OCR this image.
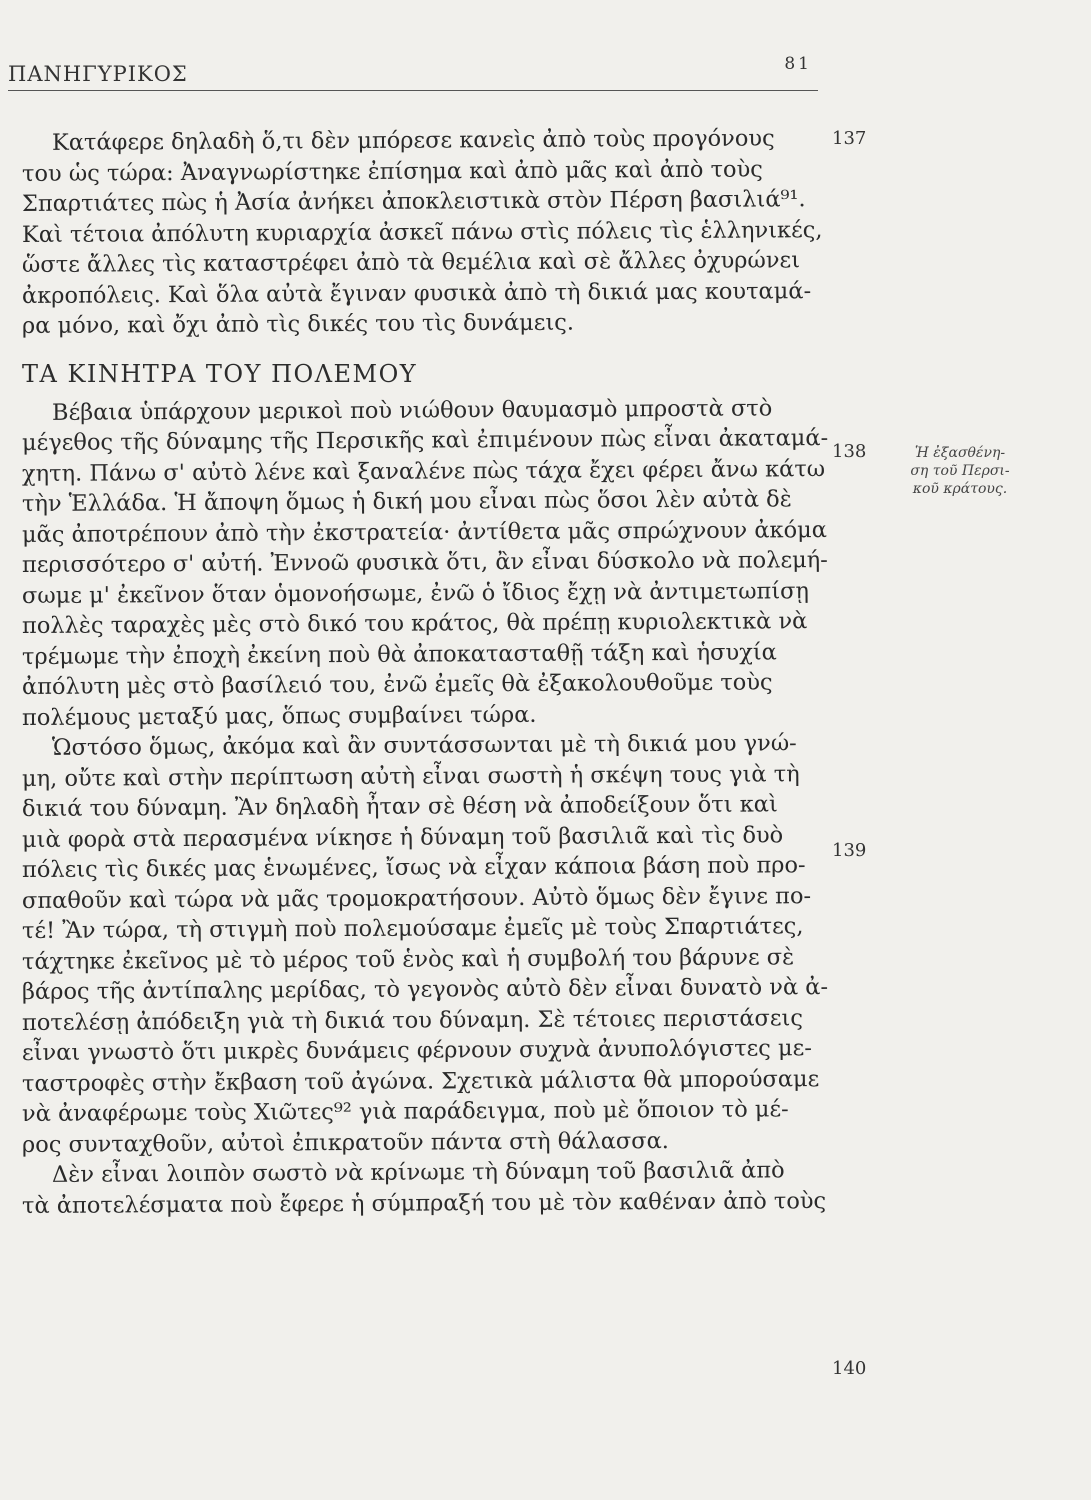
ΠΑΝΗΓΥΡΙΚΟΣ	81
Κατάφερε δηλαδὴ ὅ,τι δὲν μπόρεσε κανεὶς ἀπὸ τοὺς προγόνους
του ὡς τώρα: Ἀναγνωρίστηκε ἐπίσημα καὶ ἀπὸ μᾶς καὶ ἀπὸ τοὺς
Σπαρτιάτες πὼς ἡ Ἀσία ἀνήκει ἀποκλειστικὰ στὸν Πέρση βασιλιά⁹¹.
Καὶ τέτοια ἀπόλυτη κυριαρχία ἀσκεῖ πάνω στὶς πόλεις τὶς ἑλληνικές,
ὥστε ἄλλες τὶς καταστρέφει ἀπὸ τὰ θεμέλια καὶ σὲ ἄλλες ὀχυρώνει
ἀκροπόλεις. Καὶ ὅλα αὐτὰ ἔγιναν φυσικὰ ἀπὸ τὴ δικιά μας κουταμά-
ρα μόνο, καὶ ὄχι ἀπὸ τὶς δικές του τὶς δυνάμεις.
ΤΑ ΚΙΝΗΤΡΑ ΤΟΥ ΠΟΛΕΜΟΥ
Βέβαια ὑπάρχουν μερικοὶ ποὺ νιώθουν θαυμασμὸ μπροστὰ στὸ
μέγεθος τῆς δύναμης τῆς Περσικῆς καὶ ἐπιμένουν πὼς εἶναι ἀκαταμά-
χητη. Πάνω σ' αὐτὸ λένε καὶ ξαναλένε πὼς τάχα ἔχει φέρει ἄνω κάτω
τὴν Ἑλλάδα. Ἡ ἄποψη ὅμως ἡ δική μου εἶναι πὼς ὅσοι λὲν αὐτὰ δὲ
μᾶς ἀποτρέπουν ἀπὸ τὴν ἐκστρατεία· ἀντίθετα μᾶς σπρώχνουν ἀκόμα
περισσότερο σ' αὐτή. Ἐννοῶ φυσικὰ ὅτι, ἂν εἶναι δύσκολο νὰ πολεμή-
σωμε μ' ἐκεῖνον ὅταν ὁμονοήσωμε, ἐνῶ ὁ ἴδιος ἔχῃ νὰ ἀντιμετωπίσῃ
πολλὲς ταραχὲς μὲς στὸ δικό του κράτος, θὰ πρέπῃ κυριολεκτικὰ νὰ
τρέμωμε τὴν ἐποχὴ ἐκείνη ποὺ θὰ ἀποκατασταθῇ τάξη καὶ ἡσυχία
ἀπόλυτη μὲς στὸ βασίλειό του, ἐνῶ ἐμεῖς θὰ ἐξακολουθοῦμε τοὺς
πολέμους μεταξύ μας, ὅπως συμβαίνει τώρα.
Ὡστόσο ὅμως, ἀκόμα καὶ ἂν συντάσσωνται μὲ τὴ δικιά μου γνώ-
μη, οὔτε καὶ στὴν περίπτωση αὐτὴ εἶναι σωστὴ ἡ σκέψη τους γιὰ τὴ
δικιά του δύναμη. Ἂν δηλαδὴ ἦταν σὲ θέση νὰ ἀποδείξουν ὅτι καὶ
μιὰ φορὰ στὰ περασμένα νίκησε ἡ δύναμη τοῦ βασιλιᾶ καὶ τὶς δυὸ
πόλεις τὶς δικές μας ἑνωμένες, ἴσως νὰ εἶχαν κάποια βάση ποὺ προ-
σπαθοῦν καὶ τώρα νὰ μᾶς τρομοκρατήσουν. Αὐτὸ ὅμως δὲν ἔγινε πο-
τέ! Ἂν τώρα, τὴ στιγμὴ ποὺ πολεμούσαμε ἐμεῖς μὲ τοὺς Σπαρτιάτες,
τάχτηκε ἐκεῖνος μὲ τὸ μέρος τοῦ ἑνὸς καὶ ἡ συμβολή του βάρυνε σὲ
βάρος τῆς ἀντίπαλης μερίδας, τὸ γεγονὸς αὐτὸ δὲν εἶναι δυνατὸ νὰ ἀ-
ποτελέσῃ ἀπόδειξη γιὰ τὴ δικιά του δύναμη. Σὲ τέτοιες περιστάσεις
εἶναι γνωστὸ ὅτι μικρὲς δυνάμεις φέρνουν συχνὰ ἀνυπολόγιστες με-
ταστροφὲς στὴν ἔκβαση τοῦ ἀγώνα. Σχετικὰ μάλιστα θὰ μπορούσαμε
νὰ ἀναφέρωμε τοὺς Χιῶτες⁹² γιὰ παράδειγμα, ποὺ μὲ ὅποιον τὸ μέ-
ρος συνταχθοῦν, αὐτοὶ ἐπικρατοῦν πάντα στὴ θάλασσα.
Δὲν εἶναι λοιπὸν σωστὸ νὰ κρίνωμε τὴ δύναμη τοῦ βασιλιᾶ ἀπὸ
τὰ ἀποτελέσματα ποὺ ἔφερε ἡ σύμπραξή του μὲ τὸν καθέναν ἀπὸ τοὺς
137
138
139
140
Ἡ ἐξασθένη-
ση τοῦ Περσι-
κοῦ κράτους.
